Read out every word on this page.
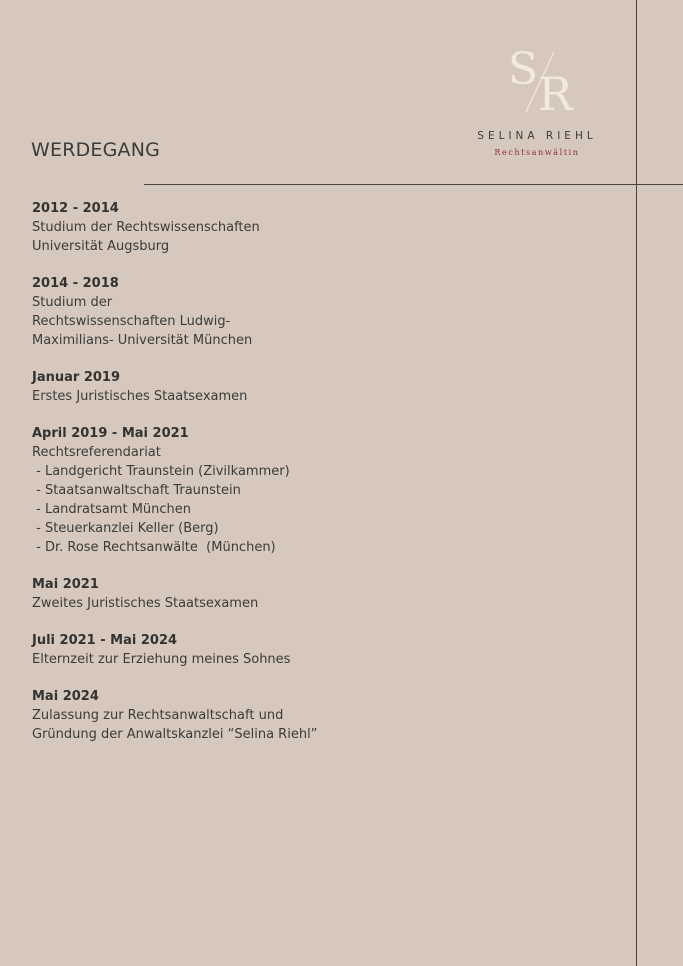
S R
SELINA RIEHL
Rechtsanwältin
WERDEGANG
2012 - 2014
Studium der Rechtswissenschaften
Universität Augsburg
2014 - 2018
Studium der
Rechtswissenschaften Ludwig-
Maximilians- Universität München
Januar 2019
Erstes Juristisches Staatsexamen
April 2019 - Mai 2021
Rechtsreferendariat
- Landgericht Traunstein (Zivilkammer)
- Staatsanwaltschaft Traunstein
- Landratsamt München
- Steuerkanzlei Keller (Berg)
- Dr. Rose Rechtsanwälte  (München)
Mai 2021
Zweites Juristisches Staatsexamen
Juli 2021 - Mai 2024
Elternzeit zur Erziehung meines Sohnes
Mai 2024
Zulassung zur Rechtsanwaltschaft und
Gründung der Anwaltskanzlei “Selina Riehl”
